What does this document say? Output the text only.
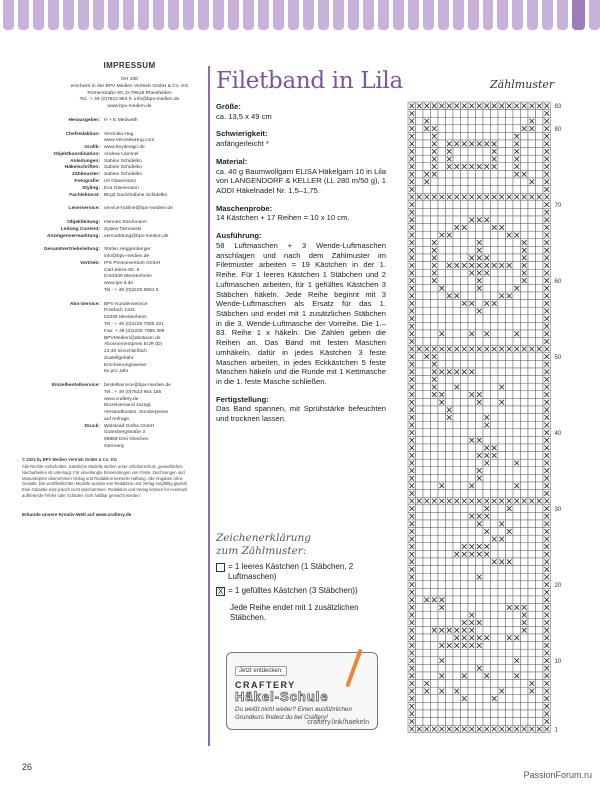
IMPRESSUM
DH 180
erscheint in der BPV Medien Vertrieb GmbH & Co. KG
Römerstraße 90, D-79618 Rheinfelden
Tel.: + 49 (0)7623 964 0, info@bpv-medien.de
www.bpv-medien.de
Herausgeber: H + E Medweth
Chefredaktion: Veronika Hug
www.VeronikaHug.com
Grafik: www.heydesign.de
Objektkoordination: Andrea Lammel
Anleitungen: Sabine Schidelko
Häkelschriften: Sabine Schidelko
Zählmuster: Sabine Schidelko
Fotografie: Uli Glasemann
Styling: Eva Glasemann
Fachlektorat: Birgit Gack/Sabine Schidelko
Leserservice: service-hotline@bpv-medien.de
Objektleitung: Hannes Stockmann
Leitung Content: Sylwia Tarnowski
Anzeigenvermarktung: vermarktung@bpv-medien.de
Gesamtvertriebsleitung: Stefan Heggenberger
info@bpv-medien.de
Vertrieb: IPS Pressevertrieb GmbH
Carl-Zeiss-Str. 5
D-53340 Meckenheim
www.ips-d.de
Tel.: + 49 (0)2225 8801 0
Abo-Service: BPV Kundenservice
Postfach 1331
53335 Meckenheim
Tel.: + 49 (0)2225 7085 321
Fax: + 49 (0)2225 7085 399
BPVMedien@aboteam.de
Abonnementpreis EUR (D)
23,40 einschließlich
Zustellgebühr
Erscheinungsweise:
6x pro Jahr
Einzelbestellservice: bestellservice@bpv-medien.de
Tel.: + 49 (0)7623 964 155
www.craftery.de
Einzelversand zuzügl.
Versandkosten, Sonderpreise
auf Anfrage.
Druck: Walstead Gotha GmbH
Gutenbergstraße 3
99869 Drei Gleichen
Germany
© 2024 by BPV Medien Vertrieb GmbH & Co. KG
Alle Rechte vorbehalten. Sämtliche Modelle stehen unter Urheberschutz, gewerbliches Nacharbeiten ist untersagt. Für unverlangte Einsendungen von Fotos, Zeichnungen und Manuskripten übernehmen Verlag und Redaktion keinerlei Haftung. Alle Angaben ohne Gewähr. Die veröffentlichten Modelle wurden von Redaktion und Verlag sorgfältig geprüft. Eine Garantie wird jedoch nicht übernommen. Redaktion und Verlag können für eventuell auftretende Fehler oder Schäden nicht haftbar gemacht werden.
Erkunde unsere Kreativ-Welt auf www.craftery.de
Filetband in Lila
Größe:

ca. 13,5 x 49 cm

Schwierigkeit:

anfängerleicht *

Material:

ca. 40 g Baumwollgarn ELISA Häkelgarn 10 in Lila von LANGENDORF & KELLER (LL 280 m/50 g), 1 ADDI Häkelnadel Nr. 1,5–1,75.

Maschenprobe:

14 Kästchen + 17 Reihen = 10 x 10 cm.

Ausführung:

58 Luftmaschen + 3 Wende-Luftmaschen anschlagen und nach dem Zählmuster im Filetmuster arbeiten = 19 Kästchen in der 1. Reihe. Für 1 leeres Kästchen 1 Stäbchen und 2 Luftmaschen arbeiten, für 1 gefülltes Kästchen 3 Stäbchen häkeln. Jede Reihe beginnt mit 3 Wende-Luftmaschen als Ersatz für das 1. Stäbchen und endet mit 1 zusätzlichen Stäbchen in die 3. Wende-Luftmasche der Vorreihe. Die 1.–83. Reihe 1 x häkeln. Die Zahlen geben die Reihen an. Das Band mit festen Maschen umhäkeln, dafür in jedes Kästchen 3 feste Maschen arbeiten, in jedes Eckkästchen 5 feste Maschen häkeln und die Runde mit 1 Kettmasche in die 1. feste Masche schließen.

Fertigstellung:

Das Band spannen, mit Sprühstärke befeuchten und trocknen lassen.

Zeichenerklärung
zum Zählmuster:

= 1 leeres Kästchen (1 Stäbchen, 2 Luftmaschen)
X = 1 gefülltes Kästchen (3 Stäbchen))
Jede Reihe endet mit 1 zusätzlichen Stäbchen.
Jetzt entdecken:
CRAFTERY
Häkel-Schule
Du weißt nicht weiter? Einen ausführlichen Grundkurs findest du bei Craftery!
craftery.link/haekeln
Zählmuster
83
80
70
60
50
40
30
20
10
1
26
PassionForum.ru
